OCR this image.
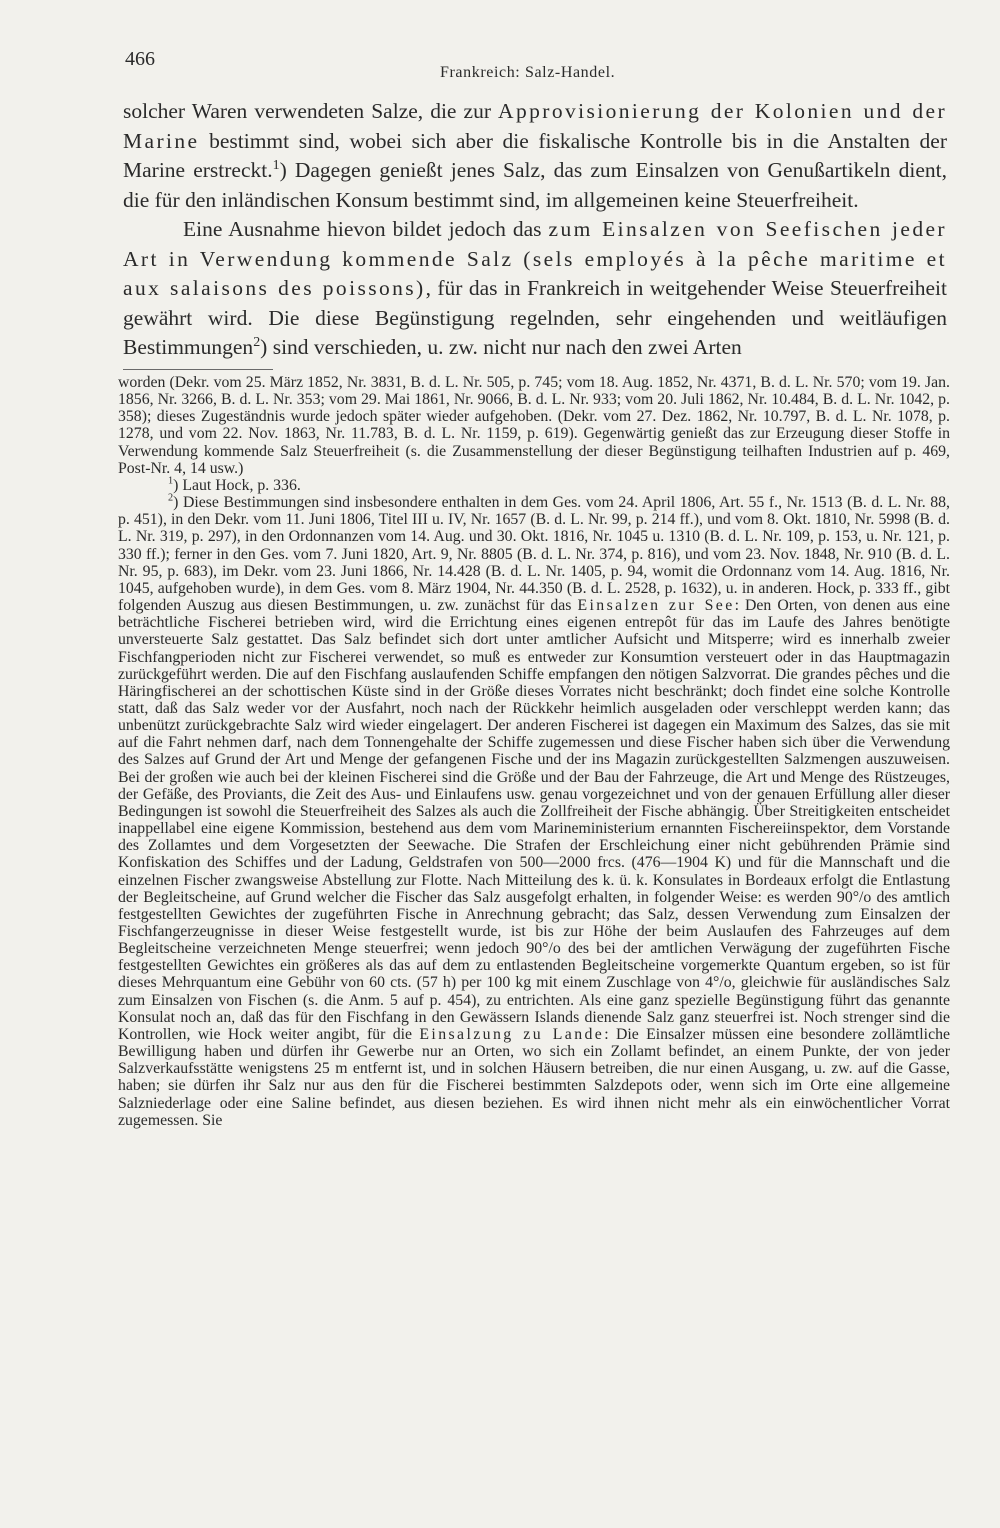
466
Frankreich: Salz-Handel.

solcher Waren verwendeten Salze, die zur Approvisionierung der Kolonien und der Marine bestimmt sind, wobei sich aber die fiskalische Kontrolle bis in die Anstalten der Marine erstreckt.$^1$) Dagegen genießt jenes Salz, das zum Einsalzen von Genußartikeln dient, die für den inländischen Konsum bestimmt sind, im allgemeinen keine Steuerfreiheit.

Eine Ausnahme hievon bildet jedoch das zum Einsalzen von Seefischen jeder Art in Verwendung kommende Salz (sels employés à la pêche maritime et aux salaisons des poissons), für das in Frankreich in weitgehender Weise Steuerfreiheit gewährt wird. Die diese Begünstigung regelnden, sehr eingehenden und weitläufigen Bestimmungen$^2$) sind verschieden, u. zw. nicht nur nach den zwei Arten

worden (Dekr. vom 25. März 1852, Nr. 3831, B. d. L. Nr. 505, p. 745; vom 18. Aug. 1852, Nr. 4371, B. d. L. Nr. 570; vom 19. Jan. 1856, Nr. 3266, B. d. L. Nr. 353; vom 29. Mai 1861, Nr. 9066, B. d. L. Nr. 933; vom 20. Juli 1862, Nr. 10.484, B. d. L. Nr. 1042, p. 358); dieses Zugeständnis wurde jedoch später wieder aufgehoben. (Dekr. vom 27. Dez. 1862, Nr. 10.797, B. d. L. Nr. 1078, p. 1278, und vom 22. Nov. 1863, Nr. 11.783, B. d. L. Nr. 1159, p. 619). Gegenwärtig genießt das zur Erzeugung dieser Stoffe in Verwendung kommende Salz Steuerfreiheit (s. die Zusammenstellung der dieser Begünstigung teilhaften Industrien auf p. 469, Post-Nr. 4, 14 usw.)

$^1$) Laut Hock, p. 336.

$^2$) Diese Bestimmungen sind insbesondere enthalten in dem Ges. vom 24. April 1806, Art. 55 f., Nr. 1513 (B. d. L. Nr. 88, p. 451), in den Dekr. vom 11. Juni 1806, Titel III u. IV, Nr. 1657 (B. d. L. Nr. 99, p. 214 ff.), und vom 8. Okt. 1810, Nr. 5998 (B. d. L. Nr. 319, p. 297), in den Ordonnanzen vom 14. Aug. und 30. Okt. 1816, Nr. 1045 u. 1310 (B. d. L. Nr. 109, p. 153, u. Nr. 121, p. 330 ff.); ferner in den Ges. vom 7. Juni 1820, Art. 9, Nr. 8805 (B. d. L. Nr. 374, p. 816), und vom 23. Nov. 1848, Nr. 910 (B. d. L. Nr. 95, p. 683), im Dekr. vom 23. Juni 1866, Nr. 14.428 (B. d. L. Nr. 1405, p. 94, womit die Ordonnanz vom 14. Aug. 1816, Nr. 1045, aufgehoben wurde), in dem Ges. vom 8. März 1904, Nr. 44.350 (B. d. L. 2528, p. 1632), u. in anderen. Hock, p. 333 ff., gibt folgenden Auszug aus diesen Bestimmungen, u. zw. zunächst für das Einsalzen zur See: Den Orten, von denen aus eine beträchtliche Fischerei betrieben wird, wird die Errichtung eines eigenen entrepôt für das im Laufe des Jahres benötigte unversteuerte Salz gestattet. Das Salz befindet sich dort unter amtlicher Aufsicht und Mitsperre; wird es innerhalb zweier Fischfangperioden nicht zur Fischerei verwendet, so muß es entweder zur Konsumtion versteuert oder in das Hauptmagazin zurückgeführt werden. Die auf den Fischfang auslaufenden Schiffe empfangen den nötigen Salzvorrat. Die grandes pêches und die Häringfischerei an der schottischen Küste sind in der Größe dieses Vorrates nicht beschränkt; doch findet eine solche Kontrolle statt, daß das Salz weder vor der Ausfahrt, noch nach der Rückkehr heimlich ausgeladen oder verschleppt werden kann; das unbenützt zurückgebrachte Salz wird wieder eingelagert. Der anderen Fischerei ist dagegen ein Maximum des Salzes, das sie mit auf die Fahrt nehmen darf, nach dem Tonnengehalte der Schiffe zugemessen und diese Fischer haben sich über die Verwendung des Salzes auf Grund der Art und Menge der gefangenen Fische und der ins Magazin zurückgestellten Salzmengen auszuweisen. Bei der großen wie auch bei der kleinen Fischerei sind die Größe und der Bau der Fahrzeuge, die Art und Menge des Rüstzeuges, der Gefäße, des Proviants, die Zeit des Aus- und Einlaufens usw. genau vorgezeichnet und von der genauen Erfüllung aller dieser Bedingungen ist sowohl die Steuerfreiheit des Salzes als auch die Zollfreiheit der Fische abhängig. Über Streitigkeiten entscheidet inappellabel eine eigene Kommission, bestehend aus dem vom Marineministerium ernannten Fischereiinspektor, dem Vorstande des Zollamtes und dem Vorgesetzten der Seewache. Die Strafen der Erschleichung einer nicht gebührenden Prämie sind Konfiskation des Schiffes und der Ladung, Geldstrafen von 500—2000 frcs. (476—1904 K) und für die Mannschaft und die einzelnen Fischer zwangsweise Abstellung zur Flotte. Nach Mitteilung des k. ü. k. Konsulates in Bordeaux erfolgt die Entlastung der Begleitscheine, auf Grund welcher die Fischer das Salz ausgefolgt erhalten, in folgender Weise: es werden 90°/o des amtlich festgestellten Gewichtes der zugeführten Fische in Anrechnung gebracht; das Salz, dessen Verwendung zum Einsalzen der Fischfangerzeugnisse in dieser Weise festgestellt wurde, ist bis zur Höhe der beim Auslaufen des Fahrzeuges auf dem Begleitscheine verzeichneten Menge steuerfrei; wenn jedoch 90°/o des bei der amtlichen Verwägung der zugeführten Fische festgestellten Gewichtes ein größeres als das auf dem zu entlastenden Begleitscheine vorgemerkte Quantum ergeben, so ist für dieses Mehrquantum eine Gebühr von 60 cts. (57 h) per 100 kg mit einem Zuschlage von 4°/o, gleichwie für ausländisches Salz zum Einsalzen von Fischen (s. die Anm. 5 auf p. 454), zu entrichten. Als eine ganz spezielle Begünstigung führt das genannte Konsulat noch an, daß das für den Fischfang in den Gewässern Islands dienende Salz ganz steuerfrei ist. Noch strenger sind die Kontrollen, wie Hock weiter angibt, für die Einsalzung zu Lande: Die Einsalzer müssen eine besondere zollämtliche Bewilligung haben und dürfen ihr Gewerbe nur an Orten, wo sich ein Zollamt befindet, an einem Punkte, der von jeder Salzverkaufsstätte wenigstens 25 m entfernt ist, und in solchen Häusern betreiben, die nur einen Ausgang, u. zw. auf die Gasse, haben; sie dürfen ihr Salz nur aus den für die Fischerei bestimmten Salzdepots oder, wenn sich im Orte eine allgemeine Salzniederlage oder eine Saline befindet, aus diesen beziehen. Es wird ihnen nicht mehr als ein einwöchentlicher Vorrat zugemessen. Sie
